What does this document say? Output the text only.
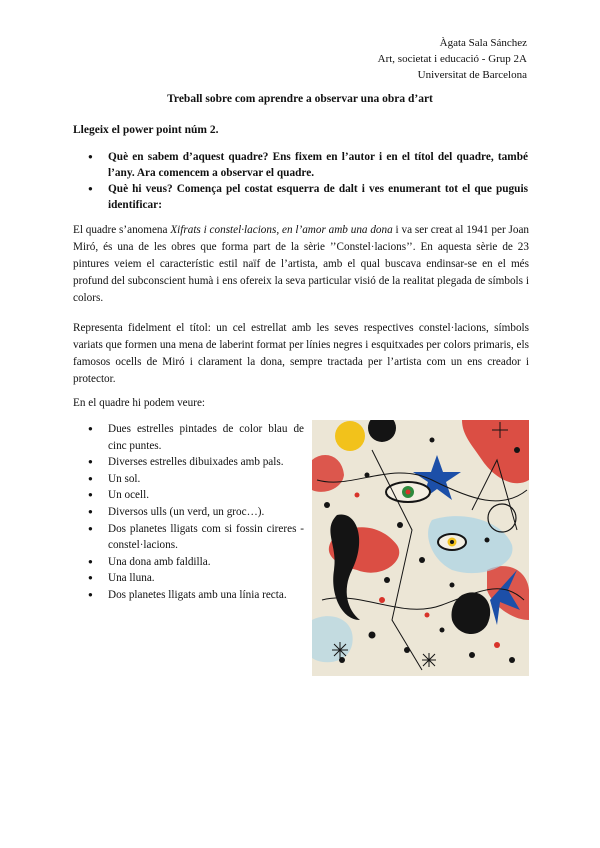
Àgata Sala Sánchez
Art, societat i educació - Grup 2A
Universitat de Barcelona
Treball sobre com aprendre a observar una obra d’art
Llegeix el power point núm 2.
● Què en sabem d’aquest quadre? Ens fixem en l’autor i en el títol del quadre, també l’any. Ara comencem a observar el quadre.
● Què hi veus? Comença pel costat esquerra de dalt i ves enumerant tot el que puguis identificar:

El quadre s’anomena Xifrats i constel·lacions, en l’amor amb una dona i va ser creat al 1941 per Joan Miró, és una de les obres que forma part de la sèrie ’’Constel·lacions’’. En aquesta sèrie de 23 pintures veiem el característic estil naïf de l’artista, amb el qual buscava endinsar-se en el més profund del subconscient humà i ens ofereix la seva particular visió de la realitat plegada de símbols i colors.

Representa fidelment el títol: un cel estrellat amb les seves respectives constel·lacions, símbols variats que formen una mena de laberint format per línies negres i esquitxades per colors primaris, els famosos ocells de Miró i clarament la dona, sempre tractada per l’artista com un ens creador i protector.

En el quadre hi podem veure:
● Dues estrelles pintades de color blau de cinc puntes.
● Diverses estrelles dibuixades amb pals.
● Un sol.
● Un ocell.
● Diversos ulls (un verd, un groc…).
● Dos planetes lligats com si fossin cireres - constel·lacions.
● Una dona amb faldilla.
● Una lluna.
● Dos planetes lligats amb una línia recta.
